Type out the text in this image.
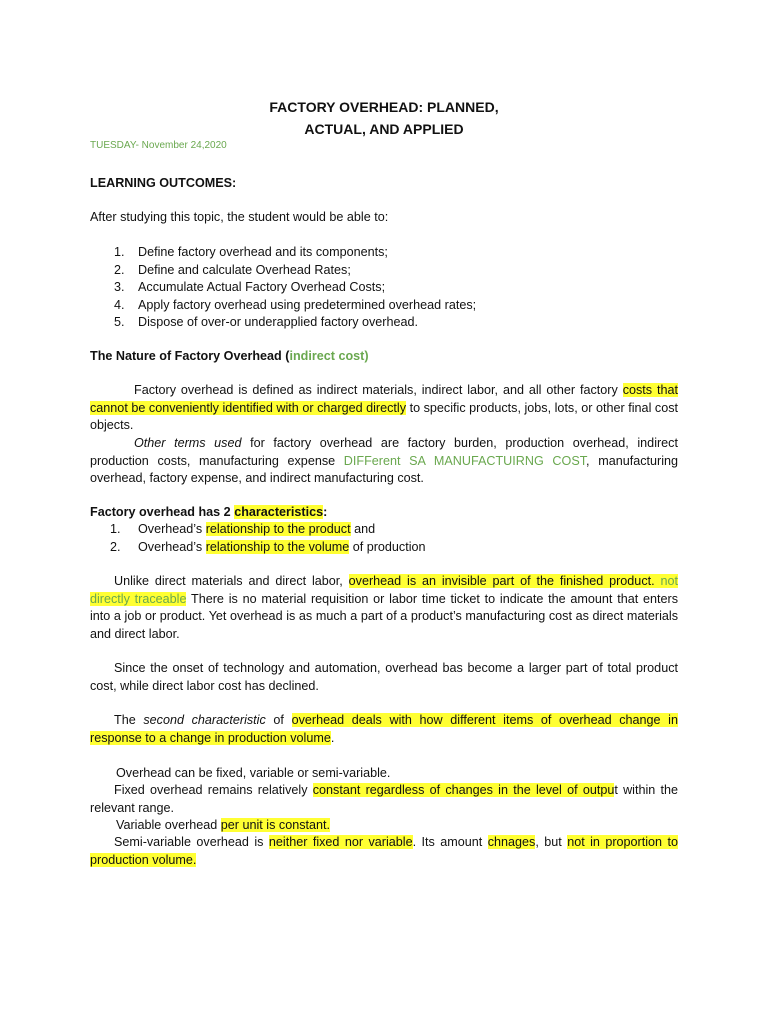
FACTORY OVERHEAD: PLANNED,
ACTUAL, AND APPLIED
TUESDAY- November 24,2020
LEARNING OUTCOMES:
After studying this topic, the student would be able to:
1. Define factory overhead and its components;
2. Define and calculate Overhead Rates;
3. Accumulate Actual Factory Overhead Costs;
4. Apply factory overhead using predetermined overhead rates;
5. Dispose of over-or underapplied factory overhead.
The Nature of Factory Overhead (indirect cost)

Factory overhead is defined as indirect materials, indirect labor, and all other factory costs that cannot be conveniently identified with or charged directly to specific products, jobs, lots, or other final cost objects.

Other terms used for factory overhead are factory burden, production overhead, indirect production costs, manufacturing expense DIFFerent SA MANUFACTUIRNG COST, manufacturing overhead, factory expense, and indirect manufacturing cost.

Factory overhead has 2 characteristics:
1. Overhead’s relationship to the product and
2. Overhead’s relationship to the volume of production

Unlike direct materials and direct labor, overhead is an invisible part of the finished product. not directly traceable There is no material requisition or labor time ticket to indicate the amount that enters into a job or product. Yet overhead is as much a part of a product’s manufacturing cost as direct materials and direct labor.

Since the onset of technology and automation, overhead bas become a larger part of total product cost, while direct labor cost has declined.

The second characteristic of overhead deals with how different items of overhead change in response to a change in production volume.

Overhead can be fixed, variable or semi-variable.

Fixed overhead remains relatively constant regardless of changes in the level of output within the relevant range.

Variable overhead per unit is constant.

Semi-variable overhead is neither fixed nor variable. Its amount chnages, but not in proportion to production volume.
